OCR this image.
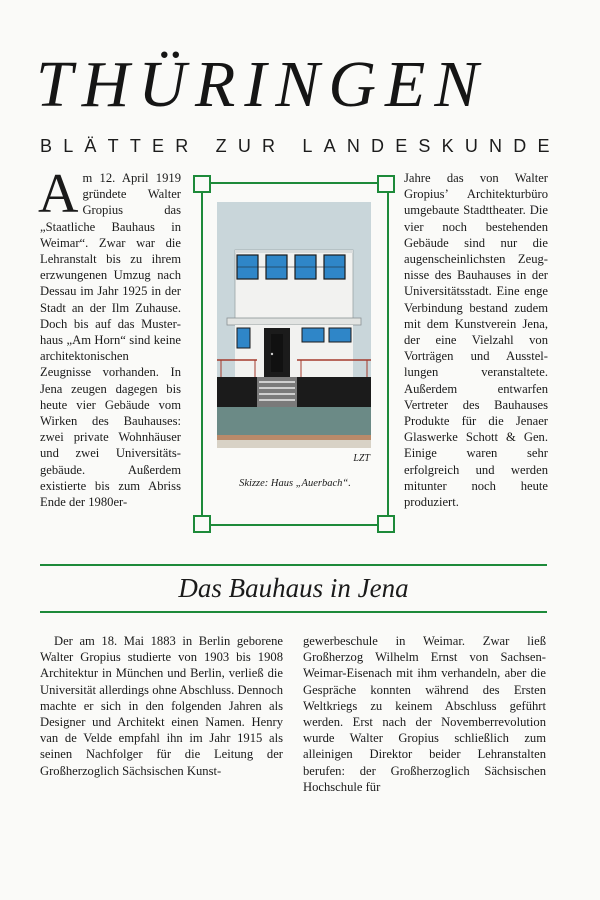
THÜRINGEN
BLÄTTER ZUR LANDESKUNDE
Am 12. April 1919 gründete Walter Gropius das „Staatliche Bauhaus in Weimar“. Zwar war die Lehranstalt bis zu ihrem erzwungenen Umzug nach Dessau im Jahr 1925 in der Stadt an der Ilm Zuhause. Doch bis auf das Musterhaus „Am Horn“ sind keine architektonischen Zeugnisse vorhanden. In Jena zeugen dagegen bis heute vier Gebäude vom Wirken des Bauhauses: zwei private Wohnhäuser und zwei Universitätsgebäude. Außerdem existierte bis zum Abriss Ende der 1980er-
LZT
Skizze: Haus „Auerbach“.
Jahre das von Walter Gropius’ Architekturbüro umgebaute Stadttheater. Die vier noch bestehenden Gebäude sind nur die augenscheinlichsten Zeugnisse des Bauhauses in der Universitätsstadt. Eine enge Verbindung bestand zudem mit dem Kunstverein Jena, der eine Vielzahl von Vorträgen und Ausstellungen veranstaltete. Außerdem entwarfen Vertreter des Bauhauses Produkte für die Jenaer Glaswerke Schott & Gen. Einige waren sehr erfolgreich und werden mitunter noch heute produziert.
Das Bauhaus in Jena
Der am 18. Mai 1883 in Berlin geborene Walter Gropius studierte von 1903 bis 1908 Architektur in München und Berlin, verließ die Universität allerdings ohne Abschluss. Dennoch machte er sich in den folgenden Jahren als Designer und Architekt einen Namen. Henry van de Velde empfahl ihn im Jahr 1915 als seinen Nachfolger für die Leitung der Großherzoglich Sächsischen Kunst-
gewerbeschule in Weimar. Zwar ließ Großherzog Wilhelm Ernst von Sachsen-Weimar-Eisenach mit ihm verhandeln, aber die Gespräche konnten während des Ersten Weltkriegs zu keinem Abschluss geführt werden. Erst nach der Novemberrevolution wurde Walter Gropius schließlich zum alleinigen Direktor beider Lehranstalten berufen: der Großherzoglich Sächsischen Hochschule für
